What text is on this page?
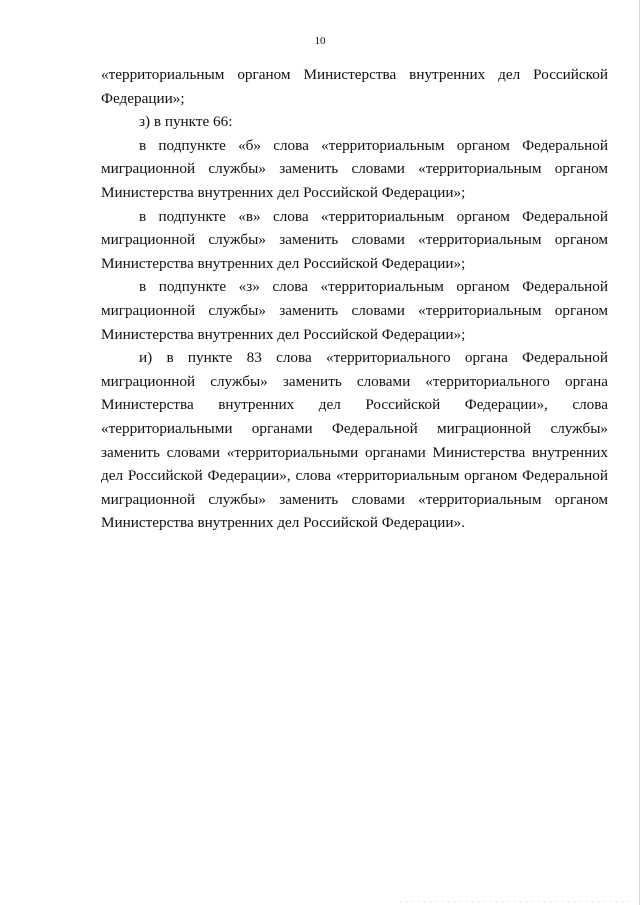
10

«территориальным органом Министерства внутренних дел Российской Федерации»;

з) в пункте 66:

в подпункте «б» слова «территориальным органом Федеральной миграционной службы» заменить словами «территориальным органом Министерства внутренних дел Российской Федерации»;

в подпункте «в» слова «территориальным органом Федеральной миграционной службы» заменить словами «территориальным органом Министерства внутренних дел Российской Федерации»;

в подпункте «з» слова «территориальным органом Федеральной миграционной службы» заменить словами «территориальным органом Министерства внутренних дел Российской Федерации»;

и) в пункте 83 слова «территориального органа Федеральной миграционной службы» заменить словами «территориального органа Министерства внутренних дел Российской Федерации», слова «территориальными органами Федеральной миграционной службы» заменить словами «территориальными органами Министерства внутренних дел Российской Федерации», слова «территориальным органом Федеральной миграционной службы» заменить словами «территориальным органом Министерства внутренних дел Российской Федерации».
